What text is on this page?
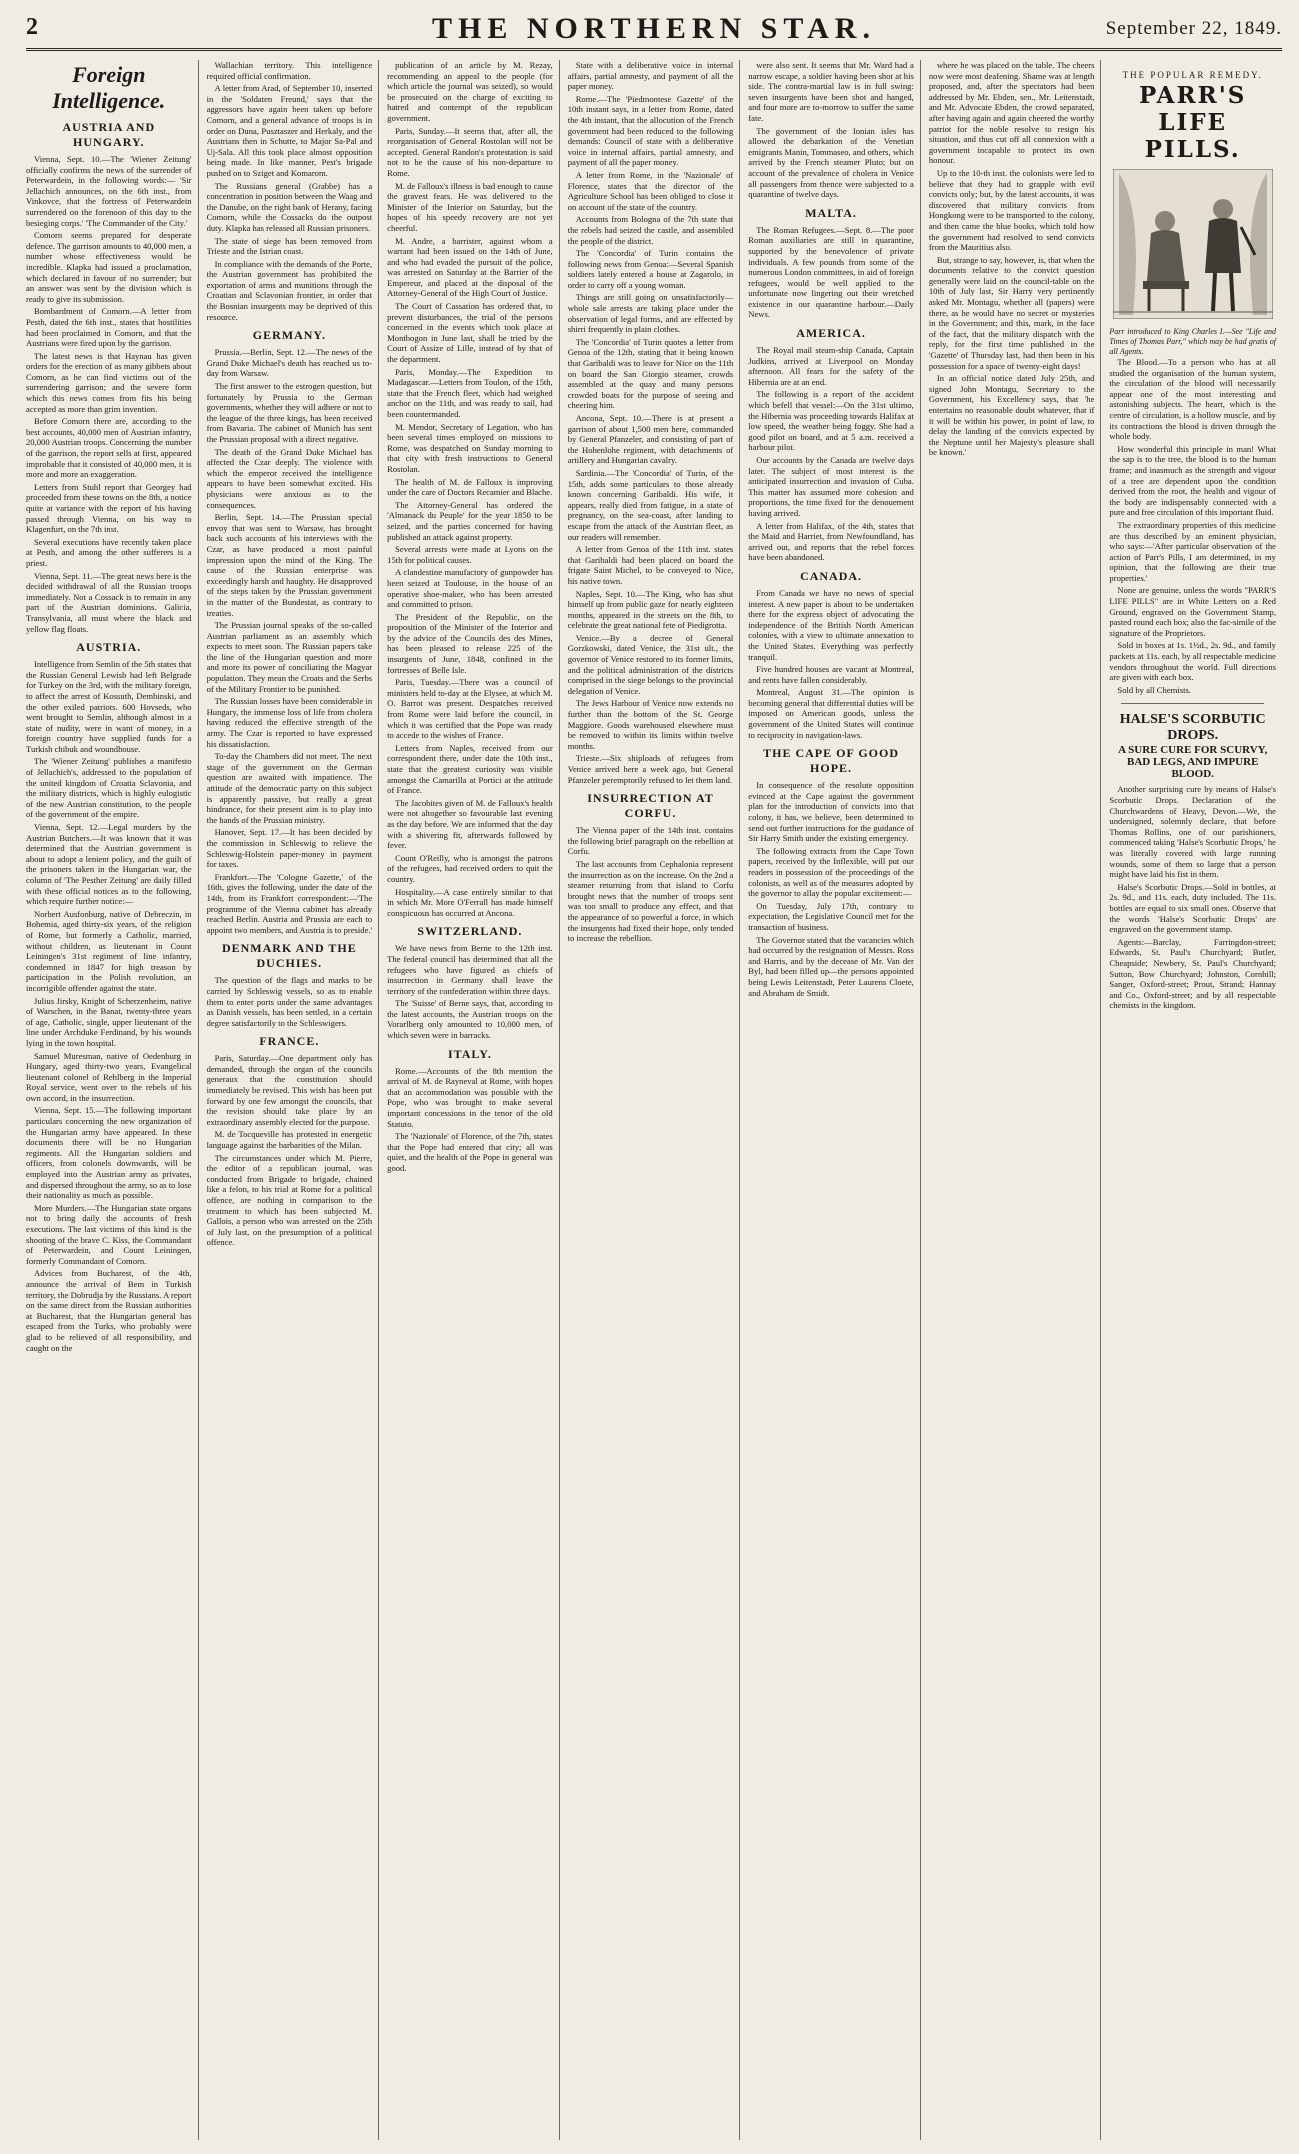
2	THE NORTHERN STAR.	September 22, 1849.
Foreign Intelligence.
AUSTRIA AND HUNGARY.

Vienna, Sept. 10.—The 'Wiener Zeitung' officially confirms the news of the surrender of Peterwardein, in the following words:— 'Sir Jellachich announces, on the 6th inst., from Vinkovce, that the fortress of Peterwardein surrendered on the forenoon of this day to the besieging corps.' 'The Commander of the City.'

Comorn seems prepared for desperate defence. The garrison amounts to 40,000 men, a number whose effectiveness would be incredible. Klapka had issued a proclamation, which declared in favour of no surrender; but an answer was sent by the division which is ready to give its submission.

Bombardment of Comorn.—A letter from Pesth, dated the 6th inst., states that hostilities had been proclaimed in Comorn, and that the Austrians were fired upon by the garrison.

The latest news is that Haynau has given orders for the erection of as many gibbets about Comorn, as he can find victims out of the surrendering garrison; and the severe form which this news comes from fits his being accepted as more than grim invention.

Before Comorn there are, according to the best accounts, 40,000 men of Austrian infantry, 20,000 Austrian troops. Concerning the number of the garrison, the report sells at first, appeared improbable that it consisted of 40,000 men, it is more and more an exaggeration.

Letters from Stuhl report that Georgey had proceeded from these towns on the 8th, a notice quite at variance with the report of his having passed through Vienna, on his way to Klagenfurt, on the 7th inst.

Several executions have recently taken place at Pesth, and among the other sufferers is a priest.

Vienna, Sept. 11.—The great news here is the decided withdrawal of all the Russian troops immediately. Not a Cossack is to remain in any part of the Austrian dominions. Galicia, Transylvania, all must where the black and yellow flag floats.

AUSTRIA.

Intelligence from Semlin of the 5th states that the Russian General Lewisb had left Belgrade for Turkey on the 3rd, with the military foreign, to affect the arrest of Kossuth, Dembinski, and the other exiled patriots. 600 Hovseds, who went brought to Semlin, although almost in a state of nudity, were in want of money, in a foreign country have supplied funds for a Turkish chibuk and woundhouse.

The 'Wiener Zeitung' publishes a manifesto of Jellachich's, addressed to the population of the united kingdom of Croatia Sclavonia, and the military districts, which is highly eulogistic of the new Austrian constitution, to the people of the government of the empire.

Vienna, Sept. 12.—Legal murders by the Austrian Butchers.—It was known that it was determined that the Austrian government is about to adopt a lenient policy, and the guilt of the prisoners taken in the Hungarian war, the column of 'The Pesther Zeitung' are daily filled with these official notices as to the following, which require further notice:—

Norbert Ausfonburg, native of Debreczin, in Bohemia, aged thirty-six years, of the religion of Rome, but formerly a Catholic, married, without children, as lieutenant in Count Leiningen's 31st regiment of line infantry, condemned in 1847 for high treason by participation in the Polish revolution, an incorrigible offender against the state.

Julius Jirsky, Knight of Scherzenheim, native of Warschen, in the Banat, twenty-three years of age, Catholic, single, upper lieutenant of the line under Archduke Ferdinand, by his wounds lying in the town hospital.

Samuel Muresman, native of Oedenburg in Hungary, aged thirty-two years, Evangelical lieutenant colonel of Rehlberg in the Imperial Royal service, went over to the rebels of his own accord, in the insurrection.

Vienna, Sept. 15.—The following important particulars concerning the new organization of the Hungarian army have appeared. In these documents there will be no Hungarian regiments. All the Hungarian soldiers and officers, from colonels downwards, will be employed into the Austrian army as privates, and dispersed throughout the army, so as to lose their nationality as much as possible.

More Murders.—The Hungarian state organs not to bring daily the accounts of fresh executions. The last victims of this kind is the shooting of the brave C. Kiss, the Commandant of Peterwardein, and Count Leiningen, formerly Commandant of Comorn.

Advices from Bucharest, of the 4th, announce the arrival of Bem in Turkish territory, the Dobrudja by the Russians. A report on the same direct from the Russian authorities at Bucharest, that the Hungarian general has escaped from the Turks, who probably were glad to be relieved of all responsibility, and caught on the

Wallachian territory. This intelligence required official confirmation.

A letter from Arad, of September 10, inserted in the 'Soldaten Freund,' says that the aggressors have again been taken up before Comorn, and a general advance of troops is in order on Duna, Pusztaszer and Herkaly, and the Austrians then in Schutte, to Major Sa-Pal and Uj-Sala. All this took place almost opposition being made. In like manner, Pest's brigade pushed on to Sziget and Komarom.

The Russians general (Grabbe) has a concentration in position between the Waag and the Danube, on the right bank of Herany, facing Comorn, while the Cossacks do the outpost duty. Klapka has released all Russian prisoners.

The state of siege has been removed from Trieste and the Istrian coast.

In compliance with the demands of the Porte, the Austrian government has prohibited the exportation of arms and munitions through the Croatian and Sclavonian frontier, in order that the Bosnian insurgents may be deprived of this resource.

GERMANY.

Prussia.—Berlin, Sept. 12.—The news of the Grand Duke Michael's death has reached us to-day from Warsaw.

The first answer to the estrogen question, but fortunately by Prussia to the German governments, whether they will adhere or not to the league of the three kings, has been received from Bavaria. The cabinet of Munich has sent the Prussian proposal with a direct negative.

The death of the Grand Duke Michael has affected the Czar deeply. The violence with which the emperor received the intelligence appears to have been somewhat excited. His physicians were anxious as to the consequences.

Berlin, Sept. 14.—The Prussian special envoy that was sent to Warsaw, has brought back such accounts of his interviews with the Czar, as have produced a most painful impression upon the mind of the King. The cause of the Russian enterprise was exceedingly harsh and haughty. He disapproved of the steps taken by the Prussian government in the matter of the Bundestat, as contrary to treaties.

The Prussian journal speaks of the so-called Austrian parliament as an assembly which expects to meet soon. The Russian papers take the line of the Hungarian question and more and more its power of conciliating the Magyar population. They mean the Croats and the Serbs of the Military Frontier to be punished.

The Russian losses have been considerable in Hungary, the immense loss of life from cholera having reduced the effective strength of the army. The Czar is reported to have expressed his dissatisfaction.

To-day the Chambers did not meet. The next stage of the government on the German question are awaited with impatience. The attitude of the democratic party on this subject is apparently passive, but really a great hindrance, for their present aim is to play into the hands of the Prussian ministry.

Hanover, Sept. 17.—It has been decided by the commission in Schleswig to relieve the Schleswig-Holstein paper-money in payment for taxes.

Frankfort.—The 'Cologne Gazette,' of the 16th, gives the following, under the date of the 14th, from its Frankfort correspondent:—'The programme of the Vienna cabinet has already reached Berlin. Austria and Prussia are each to appoint two members, and Austria is to preside.'

DENMARK AND THE DUCHIES.

The question of the flags and marks to be carried by Schleswig vessels, so as to enable them to enter ports under the same advantages as Danish vessels, has been settled, in a certain degree satisfactorily to the Schleswigers.

FRANCE.

Paris, Saturday.—One department only has demanded, through the organ of the councils generaux that the constitution should immediately be revised. This wish has been put forward by one few amongst the councils, that the revision should take place by an extraordinary assembly elected for the purpose.

M. de Tocqueville has protested in energetic language against the barbarities of the Milan.

The circumstances under which M. Pierre, the editor of a republican journal, was conducted from Brigade to brigade, chained like a felon, to his trial at Rome for a political offence, are nothing in comparison to the treatment to which has been subjected M. Gallois, a person who was arrested on the 25th of July last, on the presumption of a political offence.

publication of an article by M. Rezay, recommending an appeal to the people (for which article the journal was seized), so would be prosecuted on the charge of exciting to hatred and contempt of the republican government.

Paris, Sunday.—It seems that, after all, the reorganisation of General Rostolan will not be accepted. General Randon's protestation is said not to be the cause of his non-departure to Rome.

M. de Falloux's illness is bad enough to cause the gravest fears. He was delivered to the Minister of the Interior on Saturday, but the hopes of his speedy recovery are not yet cheerful.

M. Andre, a barrister, against whom a warrant had been issued on the 14th of June, and who had evaded the pursuit of the police, was arrested on Saturday at the Barrier of the Empereur, and placed at the disposal of the Attorney-General of the High Court of Justice.

The Court of Cassation has ordered that, to prevent disturbances, the trial of the persons concerned in the events which took place at Montbogon in June last, shall be tried by the Court of Assize of Lille, instead of by that of the department.

Paris, Monday.—The Expedition to Madagascar.—Letters from Toulon, of the 15th, state that the French fleet, which had weighed anchor on the 11th, and was ready to sail, had been countermanded.

M. Mendor, Secretary of Legation, who has been several times employed on missions to Rome, was despatched on Sunday morning to that city with fresh instructions to General Rostolan.

The health of M. de Falloux is improving under the care of Doctors Recamier and Blache.

The Attorney-General has ordered the 'Almanack du Peuple' for the year 1850 to be seized, and the parties concerned for having published an attack against property.

Several arrests were made at Lyons on the 15th for political causes.

A clandestine manufactory of gunpowder has been seized at Toulouse, in the house of an operative shoe-maker, who has been arrested and committed to prison.

The President of the Republic, on the proposition of the Minister of the Interior and by the advice of the Councils des des Mines, has been pleased to release 225 of the insurgents of June, 1848, confined in the fortresses of Belle Isle.

Paris, Tuesday.—There was a council of ministers held to-day at the Elysee, at which M. O. Barrot was present. Despatches received from Rome were laid before the council, in which it was certified that the Pope was ready to accede to the wishes of France.

Letters from Naples, received from our correspondent there, under date the 10th inst., state that the greatest curiosity was visible amongst the Camarilla at Portici at the attitude of France.

The Jacobites given of M. de Falloux's health were not altogether so favourable last evening as the day before. We are informed that the day with a shivering fit, afterwards followed by fever.

Count O'Reilly, who is amongst the patrons of the refugees, had received orders to quit the country.

Hospitality.—A case entirely similar to that in which Mr. More O'Ferrall has made himself conspicuous has occurred at Ancona.

SWITZERLAND.

We have news from Berne to the 12th inst. The federal council has determined that all the refugees who have figured as chiefs of insurrection in Germany shall leave the territory of the confederation within three days.

The 'Suisse' of Berne says, that, according to the latest accounts, the Austrian troops on the Vorarlberg only amounted to 10,000 men, of which seven were in barracks.

ITALY.

Rome.—Accounts of the 8th mention the arrival of M. de Rayneval at Rome, with hopes that an accommodation was possible with the Pope, who was brought to make several important concessions in the tenor of the old Statuto.

The 'Nazionale' of Florence, of the 7th, states that the Pope had entered that city; all was quiet, and the health of the Pope in general was good.

State with a deliberative voice in internal affairs, partial amnesty, and payment of all the paper money.

Rome.—The 'Piedmontese Gazette' of the 10th instant says, in a letter from Rome, dated the 4th instant, that the allocution of the French government had been reduced to the following demands: Council of state with a deliberative voice in internal affairs, partial amnesty, and payment of all the paper money.

A letter from Rome, in the 'Nazionale' of Florence, states that the director of the Agriculture School has been obliged to close it on account of the state of the country.

Accounts from Bologna of the 7th state that the rebels had seized the castle, and assembled the people of the district.

The 'Concordia' of Turin contains the following news from Genoa:—Several Spanish soldiers lately entered a house at Zagarolo, in order to carry off a young woman.

Things are still going on unsatisfactorily—whole sale arrests are taking place under the observation of legal forms, and are effected by shirri frequently in plain clothes.

The 'Concordia' of Turin quotes a letter from Genoa of the 12th, stating that it being known that Garibaldi was to leave for Nice on the 11th on board the San Giorgio steamer, crowds assembled at the quay and many persons crowded boats for the purpose of seeing and cheering him.

Ancona, Sept. 10.—There is at present a garrison of about 1,500 men here, commanded by General Pfanzeler, and consisting of part of the Hohenlohe regiment, with detachments of artillery and Hungarian cavalry.

Sardinia.—The 'Concordia' of Turin, of the 15th, adds some particulars to those already known concerning Garibaldi. His wife, it appears, really died from fatigue, in a state of pregnancy, on the sea-coast, after landing to escape from the attack of the Austrian fleet, as our readers will remember.

A letter from Genoa of the 11th inst. states that Garibaldi had been placed on board the frigate Saint Michel, to be conveyed to Nice, his native town.

Naples, Sept. 10.—The King, who has shut himself up from public gaze for nearly eighteen months, appeared in the streets on the 8th, to celebrate the great national fete of Piedigrotta.

Venice.—By a decree of General Gorzkowski, dated Venice, the 31st ult., the governor of Venice restored to its former limits, and the political administration of the districts comprised in the siege belongs to the provincial delegation of Venice.

The Jews Harbour of Venice now extends no further than the bottom of the St. George Maggiore. Goods warehoused elsewhere must be removed to within its limits within twelve months.

Trieste.—Six shiploads of refugees from Venice arrived here a week ago, but General Pfanzeler peremptorily refused to let them land.

INSURRECTION AT CORFU.

The Vienna paper of the 14th inst. contains the following brief paragraph on the rebellion at Corfu.

The last accounts from Cephalonia represent the insurrection as on the increase. On the 2nd a steamer returning from that island to Corfu brought news that the number of troops sent was too small to produce any effect, and that the appearance of so powerful a force, in which the insurgents had fixed their hope, only tended to increase the rebellion.

were also sent. It seems that Mr. Ward had a narrow escape, a soldier having been shot at his side. The contra-martial law is in full swing: seven insurgents have been shot and hanged, and four more are to-morrow to suffer the same fate.

The government of the Ionian isles has allowed the debarkation of the Venetian emigrants Manin, Tommaseo, and others, which arrived by the French steamer Pluto; but on account of the prevalence of cholera in Venice all passengers from thence were subjected to a quarantine of twelve days.

MALTA.

The Roman Refugees.—Sept. 8.—The poor Roman auxiliaries are still in quarantine, supported by the benevolence of private individuals. A few pounds from some of the numerous London committees, in aid of foreign refugees, would be well applied to the unfortunate now lingering out their wretched existence in our quarantine harbour.—Daily News.

AMERICA.

The Royal mail steam-ship Canada, Captain Judkins, arrived at Liverpool on Monday afternoon. All fears for the safety of the Hibernia are at an end.

The following is a report of the accident which befell that vessel:—On the 31st ultimo, the Hibernia was proceeding towards Halifax at low speed, the weather being foggy. She had a good pilot on board, and at 5 a.m. received a harbour pilot.

Our accounts by the Canada are twelve days later. The subject of most interest is the anticipated insurrection and invasion of Cuba. This matter has assumed more cohesion and proportions, the time fixed for the denouement having arrived.

A letter from Halifax, of the 4th, states that the Maid and Harriet, from Newfoundland, has arrived out, and reports that the rebel forces have been abandoned.

CANADA.

From Canada we have no news of special interest. A new paper is about to be undertaken there for the express object of advocating the independence of the British North American colonies, with a view to ultimate annexation to the United States. Everything was perfectly tranquil.

Five hundred houses are vacant at Montreal, and rents have fallen considerably.

Montreal, August 31.—The opinion is becoming general that differential duties will be imposed on American goods, unless the government of the United States will continue to reciprocity in navigation-laws.

THE CAPE OF GOOD HOPE.

In consequence of the resolute opposition evinced at the Cape against the government plan for the introduction of convicts into that colony, it has, we believe, been determined to send out further instructions for the guidance of Sir Harry Smith under the existing emergency.

The following extracts from the Cape Town papers, received by the Inflexible, will put our readers in possession of the proceedings of the colonists, as well as of the measures adopted by the governor to allay the popular excitement:—

On Tuesday, July 17th, contrary to expectation, the Legislative Council met for the transaction of business.

The Governor stated that the vacancies which had occurred by the resignation of Messrs. Ross and Harris, and by the decease of Mr. Van der Byl, had been filled up—the persons appointed being Lewis Leitenstadt, Peter Laurens Cloete, and Abraham de Smidt.

where he was placed on the table. The cheers now were most deafening. Shame was at length proposed, and, after the spectators had been addressed by Mr. Ebden, sen., Mr. Leitenstadt, and Mr. Advocate Ebden, the crowd separated, after having again and again cheered the worthy patriot for the noble resolve to resign his situation, and thus cut off all connexion with a government incapable to protect its own honour.

Up to the 10-th inst. the colonists were led to believe that they had to grapple with evil convicts only; but, by the latest accounts, it was discovered that military convicts from Hongkong were to be transported to the colony, and then came the blue books, which told how the government had resolved to send convicts from the Mauritius also.

But, strange to say, however, is, that when the documents relative to the convict question generally were laid on the council-table on the 10th of July last, Sir Harry very pertinently asked Mr. Montagu, whether all (papers) were there, as he would have no secret or mysteries in the Government; and this, mark, in the face of the fact, that the military dispatch with the reply, for the first time published in the 'Gazette' of Thursday last, had then been in his possession for a space of twenty-eight days!

In an official notice dated July 25th, and signed John Montagu, Secretary to the Government, his Excellency says, that 'he entertains no reasonable doubt whatever, that if it will be within his power, in point of law, to delay the landing of the convicts expected by the Neptune until her Majesty's pleasure shall be known.'

THE POPULAR REMEDY.
PARR'S LIFE PILLS.
Parr introduced to King Charles I.—See "Life and Times of Thomas Parr," which may be had gratis of all Agents.

The Blood.—To a person who has at all studied the organisation of the human system, the circulation of the blood will necessarily appear one of the most interesting and astonishing subjects. The heart, which is the centre of circulation, is a hollow muscle, and by its contractions the blood is driven through the whole body.

How wonderful this principle in man! What the sap is to the tree, the blood is to the human frame; and inasmuch as the strength and vigour of a tree are dependent upon the condition derived from the root, the health and vigour of the body are indispensably connected with a pure and free circulation of this important fluid.

The extraordinary properties of this medicine are thus described by an eminent physician, who says:—'After particular observation of the action of Parr's Pills, I am determined, in my opinion, that the following are their true properties.'

None are genuine, unless the words "PARR'S LIFE PILLS" are in White Letters on a Red Ground, engraved on the Government Stamp, pasted round each box; also the fac-simile of the signature of the Proprietors.

Sold in boxes at 1s. 1½d., 2s. 9d., and family packets at 11s. each, by all respectable medicine vendors throughout the world. Full directions are given with each box.

Sold by all Chemists.

HALSE'S SCORBUTIC DROPS.
A SURE CURE FOR SCURVY, BAD LEGS, AND IMPURE BLOOD.

Another surprising cure by means of Halse's Scorbutic Drops. Declaration of the Churchwardens of Heavy, Devon.—We, the undersigned, solemnly declare, that before Thomas Rollins, one of our parishioners, commenced taking 'Halse's Scorbutic Drops,' he was literally covered with large running wounds, some of them so large that a person might have laid his fist in them.

Halse's Scorbutic Drops.—Sold in bottles, at 2s. 9d., and 11s. each, duty included. The 11s. bottles are equal to six small ones. Observe that the words 'Halse's Scorbutic Drops' are engraved on the government stamp.

Agents:—Barclay, Farringdon-street; Edwards, St. Paul's Churchyard; Butler, Cheapside; Newbery, St. Paul's Churchyard; Sutton, Bow Churchyard; Johnston, Cornhill; Sanger, Oxford-street; Prout, Strand; Hannay and Co., Oxford-street; and by all respectable chemists in the kingdom.
